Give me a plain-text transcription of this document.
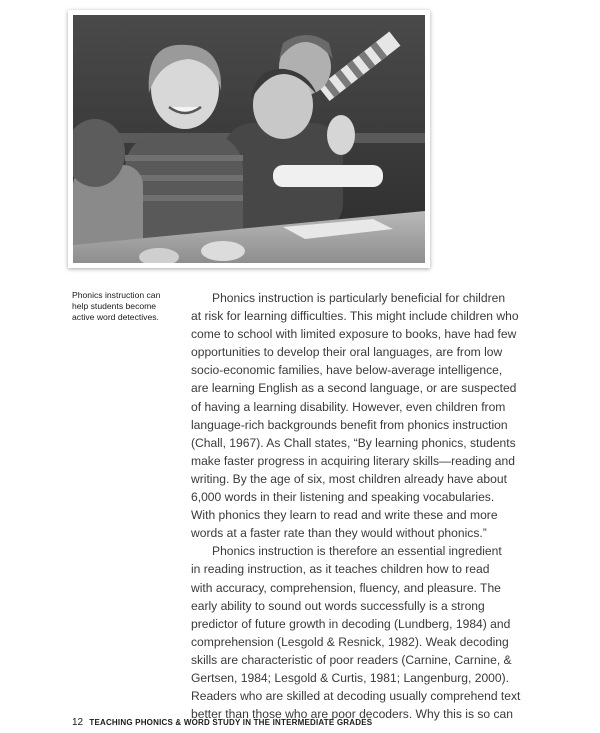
Phonics instruction can
help students become
active word detectives.
Phonics instruction is particularly beneficial for children
at risk for learning difficulties. This might include children who
come to school with limited exposure to books, have had few
opportunities to develop their oral languages, are from low
socio-economic families, have below-average intelligence,
are learning English as a second language, or are suspected
of having a learning disability. However, even children from
language-rich backgrounds benefit from phonics instruction
(Chall, 1967). As Chall states, “By learning phonics, students
make faster progress in acquiring literary skills—reading and
writing. By the age of six, most children already have about
6,000 words in their listening and speaking vocabularies.
With phonics they learn to read and write these and more
words at a faster rate than they would without phonics.”
Phonics instruction is therefore an essential ingredient
in reading instruction, as it teaches children how to read
with accuracy, comprehension, fluency, and pleasure. The
early ability to sound out words successfully is a strong
predictor of future growth in decoding (Lundberg, 1984) and
comprehension (Lesgold & Resnick, 1982). Weak decoding
skills are characteristic of poor readers (Carnine, Carnine, &
Gertsen, 1984; Lesgold & Curtis, 1981; Langenburg, 2000).
Readers who are skilled at decoding usually comprehend text
better than those who are poor decoders. Why this is so can
12 TEACHING PHONICS & WORD STUDY IN THE INTERMEDIATE GRADES
